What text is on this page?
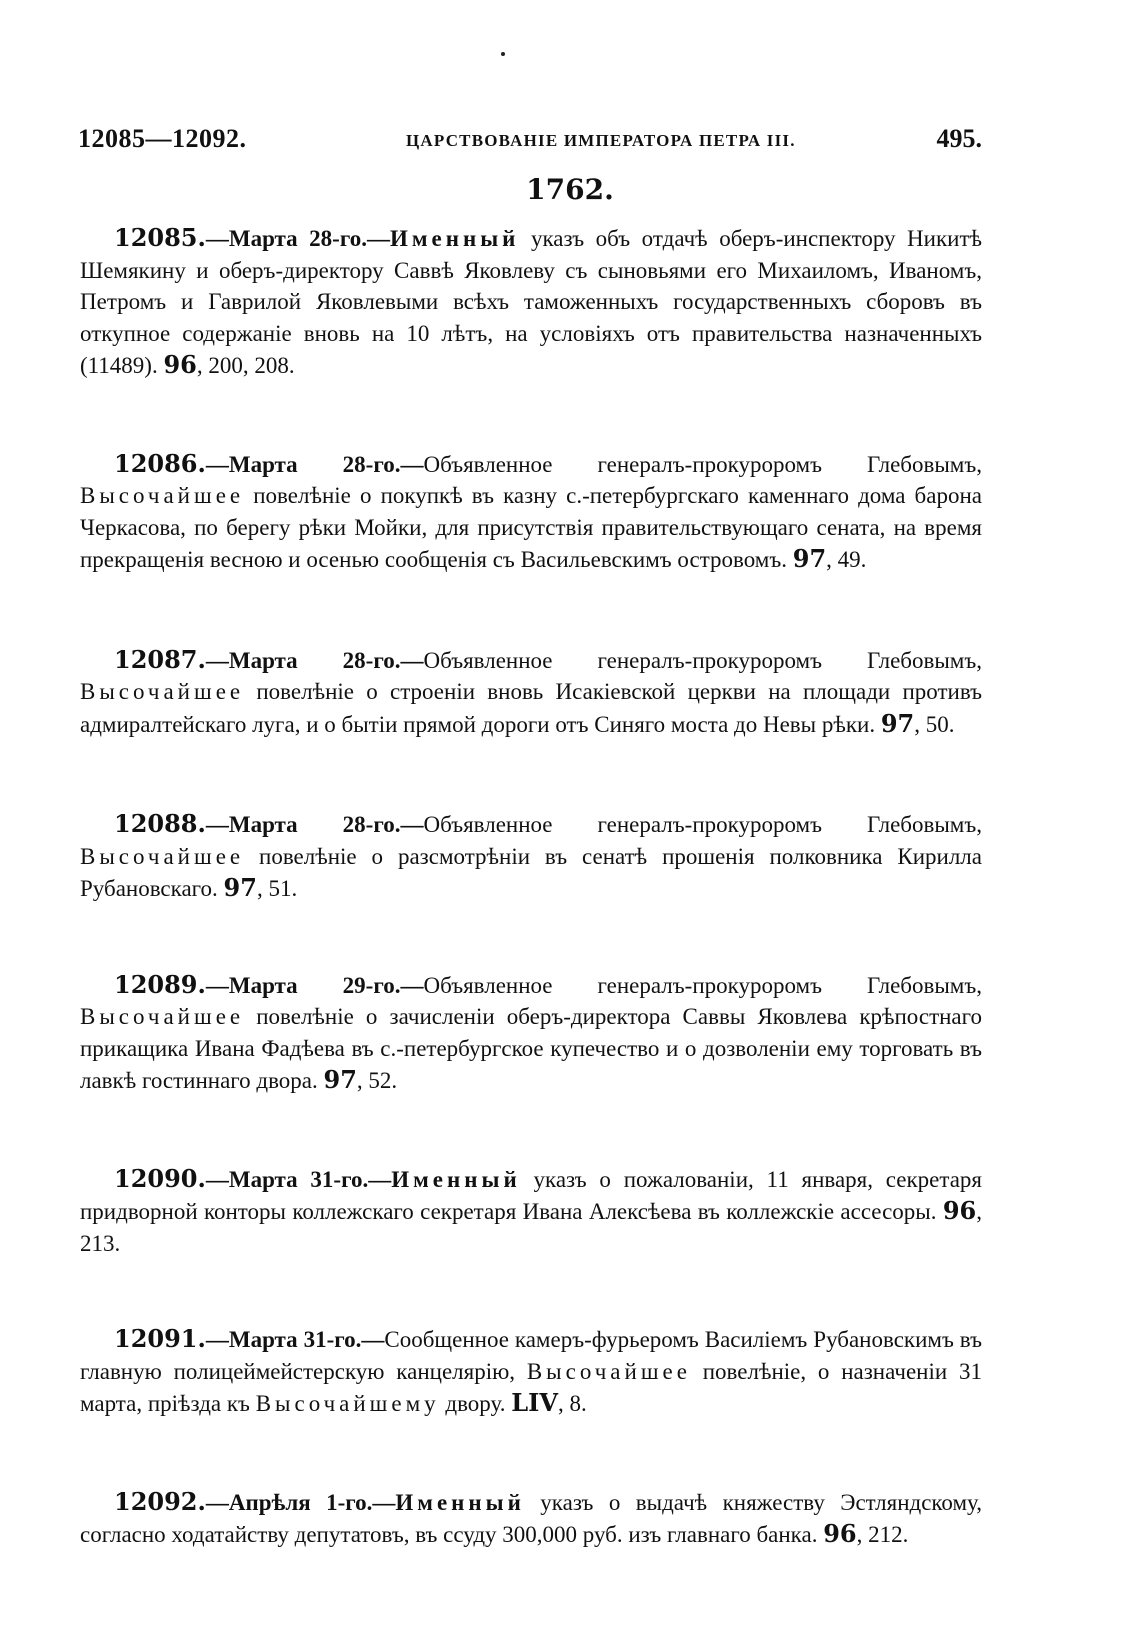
12085—12092.	ЦАРСТВОВАНІЕ ИМПЕРАТОРА ПЕТРА III.	495.
1762.

12085.—Марта 28-го.—Именный указъ объ отдачѣ оберъ-инспектору Никитѣ Шемякину и оберъ-директору Саввѣ Яковлеву съ сыновьями его Михаиломъ, Иваномъ, Петромъ и Гаврилой Яковлевыми всѣхъ таможенныхъ государственныхъ сборовъ въ откупное содержаніе вновь на 10 лѣтъ, на условіяхъ отъ правительства назначенныхъ (11489). 96, 200, 208.

12086.—Марта 28-го.—Объявленное генералъ-прокуроромъ Глебовымъ, Высочайшее повелѣніе о покупкѣ въ казну с.-петербургскаго каменнаго дома барона Черкасова, по берегу рѣки Мойки, для присутствія правительствующаго сената, на время прекращенія весною и осенью сообщенія съ Васильевскимъ островомъ. 97, 49.

12087.—Марта 28-го.—Объявленное генералъ-прокуроромъ Глебовымъ, Высочайшее повелѣніе о строеніи вновь Исакіевской церкви на площади противъ адмиралтейскаго луга, и о бытіи прямой дороги отъ Синяго моста до Невы рѣки. 97, 50.

12088.—Марта 28-го.—Объявленное генералъ-прокуроромъ Глебовымъ, Высочайшее повелѣніе о разсмотрѣніи въ сенатѣ прошенія полковника Кирилла Рубановскаго. 97, 51.

12089.—Марта 29-го.—Объявленное генералъ-прокуроромъ Глебовымъ, Высочайшее повелѣніе о зачисленіи оберъ-директора Саввы Яковлева крѣпостнаго прикащика Ивана Фадѣева въ с.-петербургское купечество и о дозволеніи ему торговать въ лавкѣ гостиннаго двора. 97, 52.

12090.—Марта 31-го.—Именный указъ о пожалованіи, 11 января, секретаря придворной конторы коллежскаго секретаря Ивана Алексѣева въ коллежскіе ассесоры. 96, 213.

12091.—Марта 31-го.—Сообщенное камеръ-фурьеромъ Василіемъ Рубановскимъ въ главную полицеймейстерскую канцелярію, Высочайшее повелѣніе, о назначеніи 31 марта, пріѣзда къ Высочайшему двору. LIV, 8.

12092.—Апрѣля 1-го.—Именный указъ о выдачѣ княжеству Эстляндскому, согласно ходатайству депутатовъ, въ ссуду 300,000 руб. изъ главнаго банка. 96, 212.
